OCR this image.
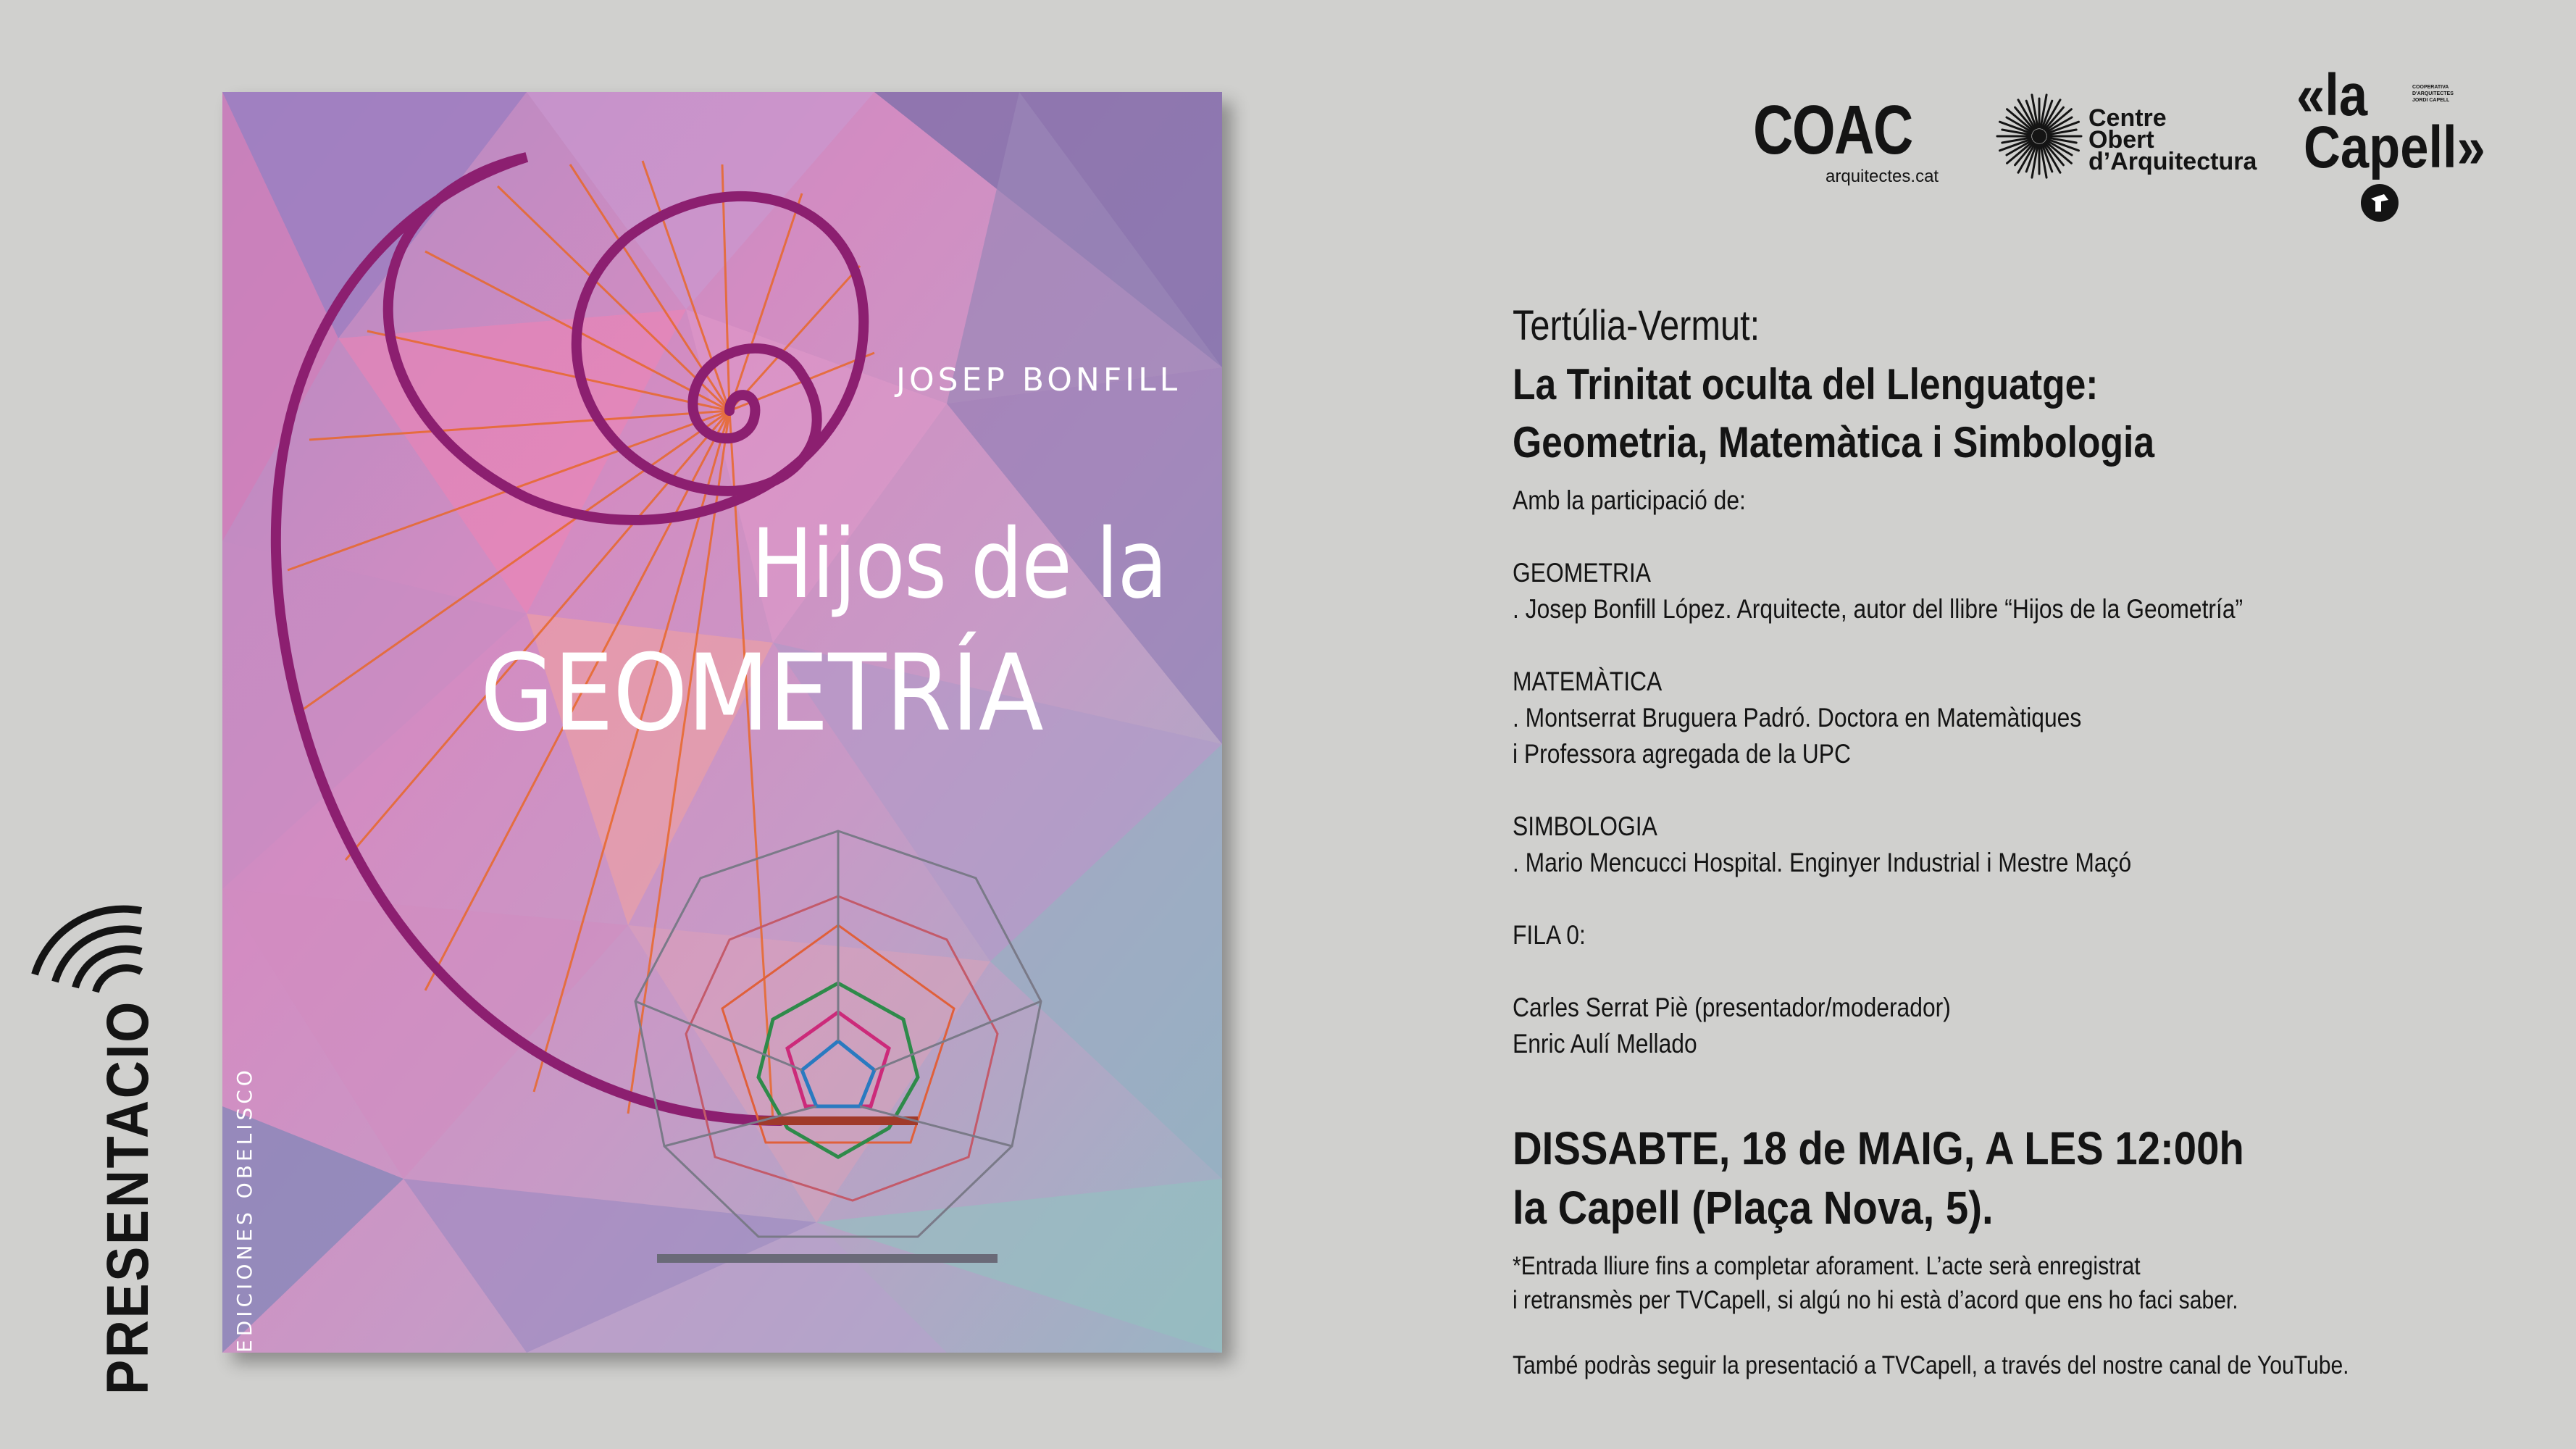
PRESENTACIO
JOSEP BONFILL
Hijos de la
GEOMETRÍA
EDICIONES OBELISCO
COAC
arquitectes.cat
Centre
Obert
d’Arquitectura
«la	COOPERATIVA
D'ARQUITECTES
JORDI CAPELL
Capell»
Tertúlia-Vermut:
La Trinitat oculta del Llenguatge:
Geometria, Matemàtica i Simbologia
Amb la participació de:
GEOMETRIA
. Josep Bonfill López. Arquitecte, autor del llibre “Hijos de la Geometría”
MATEMÀTICA
. Montserrat Bruguera Padró. Doctora en Matemàtiques
i Professora agregada de la UPC
SIMBOLOGIA
. Mario Mencucci Hospital. Enginyer Industrial i Mestre Maçó
FILA 0:
Carles Serrat Piè (presentador/moderador)
Enric Aulí Mellado
DISSABTE, 18 de MAIG, A LES 12:00h
la Capell (Plaça Nova, 5).
*Entrada lliure fins a completar aforament. L’acte serà enregistrat
i retransmès per TVCapell, si algú no hi està d’acord que ens ho faci saber.
També podràs seguir la presentació a TVCapell, a través del nostre canal de YouTube.
